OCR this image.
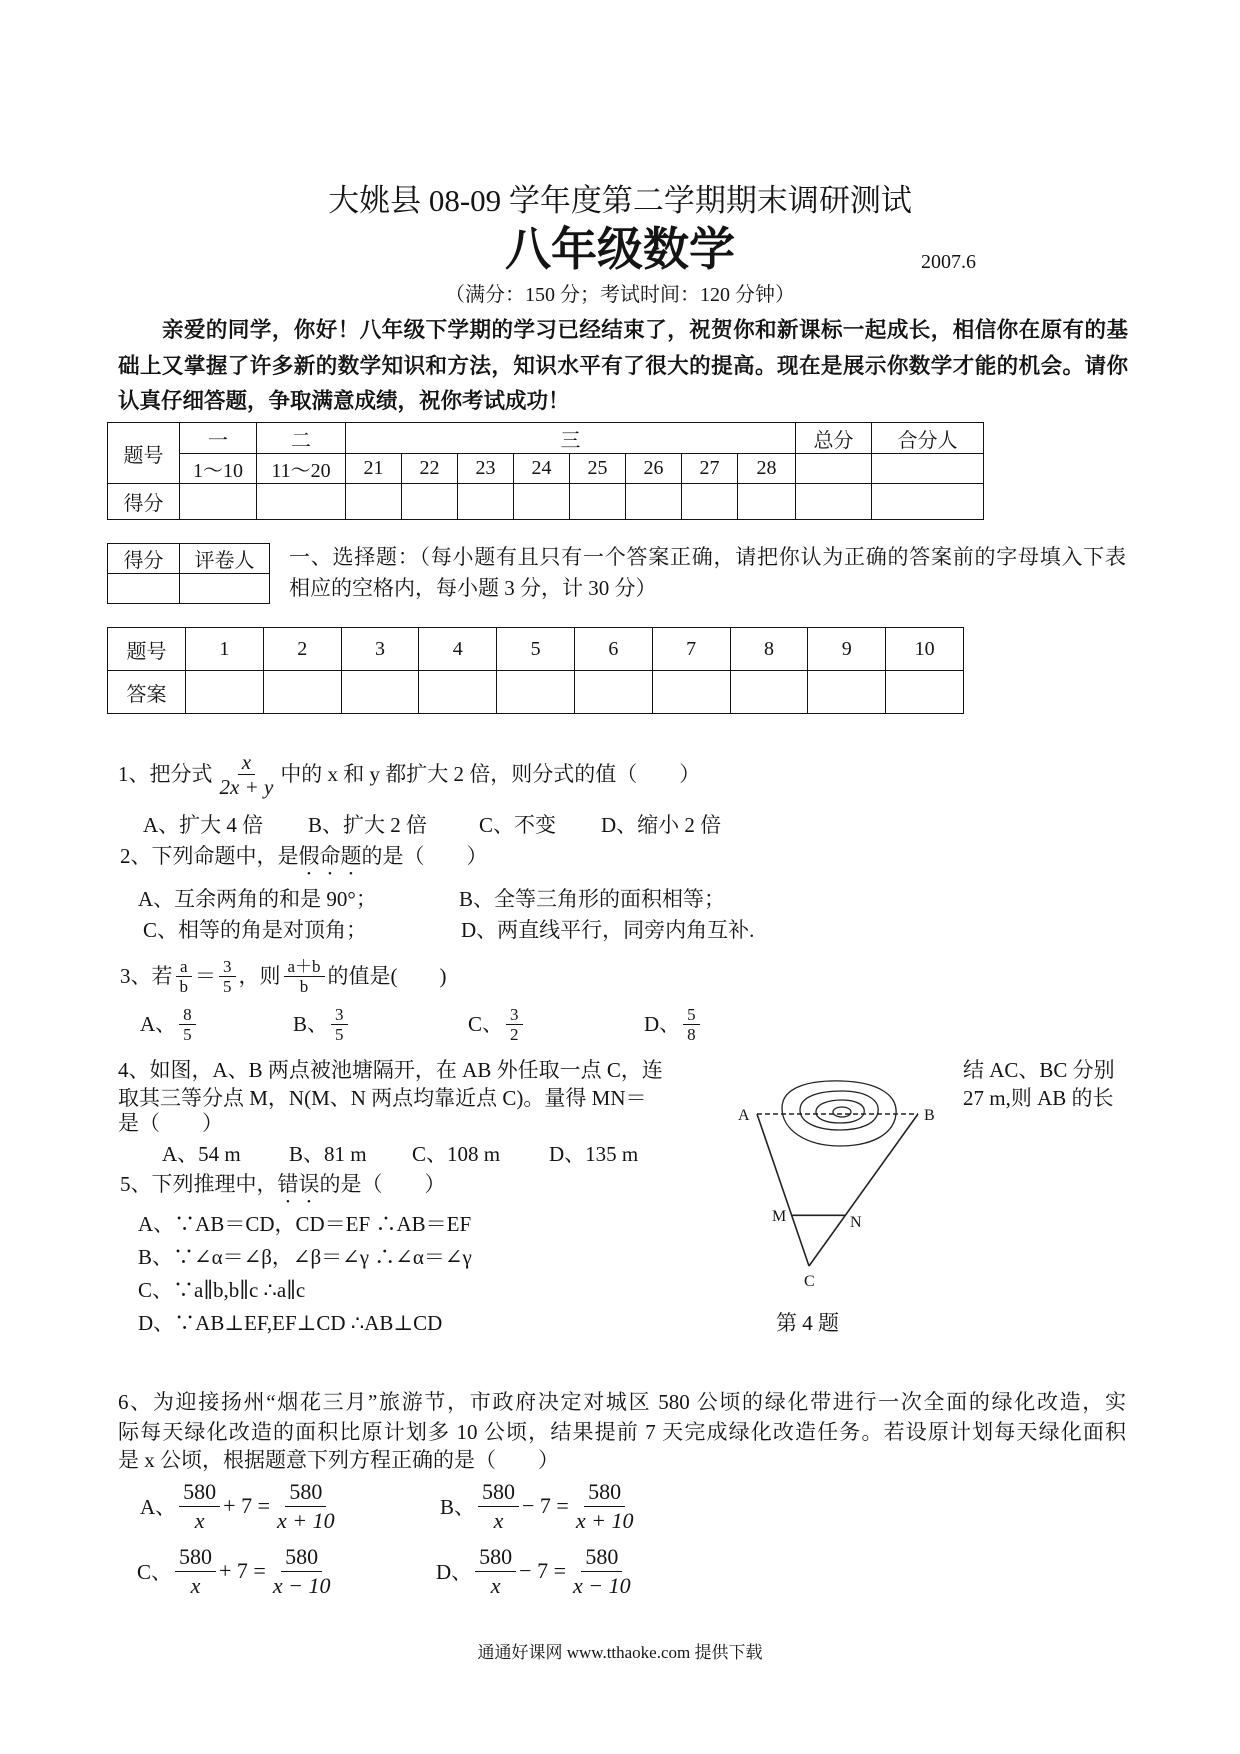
大姚县 08-09 学年度第二学期期末调研测试
八年级数学	2007.6
（满分：150 分；考试时间：120 分钟）
亲爱的同学，你好！八年级下学期的学习已经结束了，祝贺你和新课标一起成长，相信你在原有的基
础上又掌握了许多新的数学知识和方法，知识水平有了很大的提高。现在是展示你数学才能的机会。请你
认真仔细答题，争取满意成绩，祝你考试成功！
题号	一	二	三								总分	合分人
	1～10	11～20	21	22	23	24	25	26	27	28		
得分												
得分	评卷人
	一、选择题：（每小题有且只有一个答案正确，请把你认为正确的答案前的字母填入下表
相应的空格内，每小题 3 分，计 30 分）
题号	1	2	3	4	5	6	7	8	9	10
答案										
1、把分式 $\frac{x}{2x + y}$ 中的 x 和 y 都扩大 2 倍，则分式的值（　　）
A、扩大 4 倍 B、扩大 2 倍 C、不变 D、缩小 2 倍
2、下列命题中，是假命题的是（　　）
A、互余两角的和是 90°；	B、全等三角形的面积相等；
C、相等的角是对顶角；	D、两直线平行，同旁内角互补.
3、若 $\frac{a}{b} = \frac{3}{5}$ ，则 $\frac{a+b}{b}$ 的值是(　　)
A、 $\frac{8}{5}$	B、 $\frac{3}{5}$	C、 $\frac{3}{2}$	D、 $\frac{5}{8}$
4、如图，A、B 两点被池塘隔开，在 AB 外任取一点 C，连
取其三等分点 M，N(M、N 两点均靠近点 C)。量得 MN＝
是（　　）
结 AC、BC 分别
27 m,则 AB 的长
A、54 m B、81 m C、108 m D、135 m
A	B
M	N
C
第 4 题
5、下列推理中，错误的是（　　）
A、∵AB＝CD，CD＝EF ∴AB＝EF
B、∵∠α＝∠β，∠β＝∠γ ∴∠α＝∠γ
C、∵a∥b,b∥c ∴a∥c
D、∵AB⊥EF,EF⊥CD ∴AB⊥CD
6、为迎接扬州“烟花三月”旅游节，市政府决定对城区 580 公顷的绿化带进行一次全面的绿化改造，实
际每天绿化改造的面积比原计划多 10 公顷，结果提前 7 天完成绿化改造任务。若设原计划每天绿化面积
是 x 公顷，根据题意下列方程正确的是（　　）
A、 $\frac{580}{x} + 7 = \frac{580}{x + 10}$	B、 $\frac{580}{x} - 7 = \frac{580}{x + 10}$
C、 $\frac{580}{x} + 7 = \frac{580}{x - 10}$	D、 $\frac{580}{x} - 7 = \frac{580}{x - 10}$
通通好课网 www.tthaoke.com 提供下载
